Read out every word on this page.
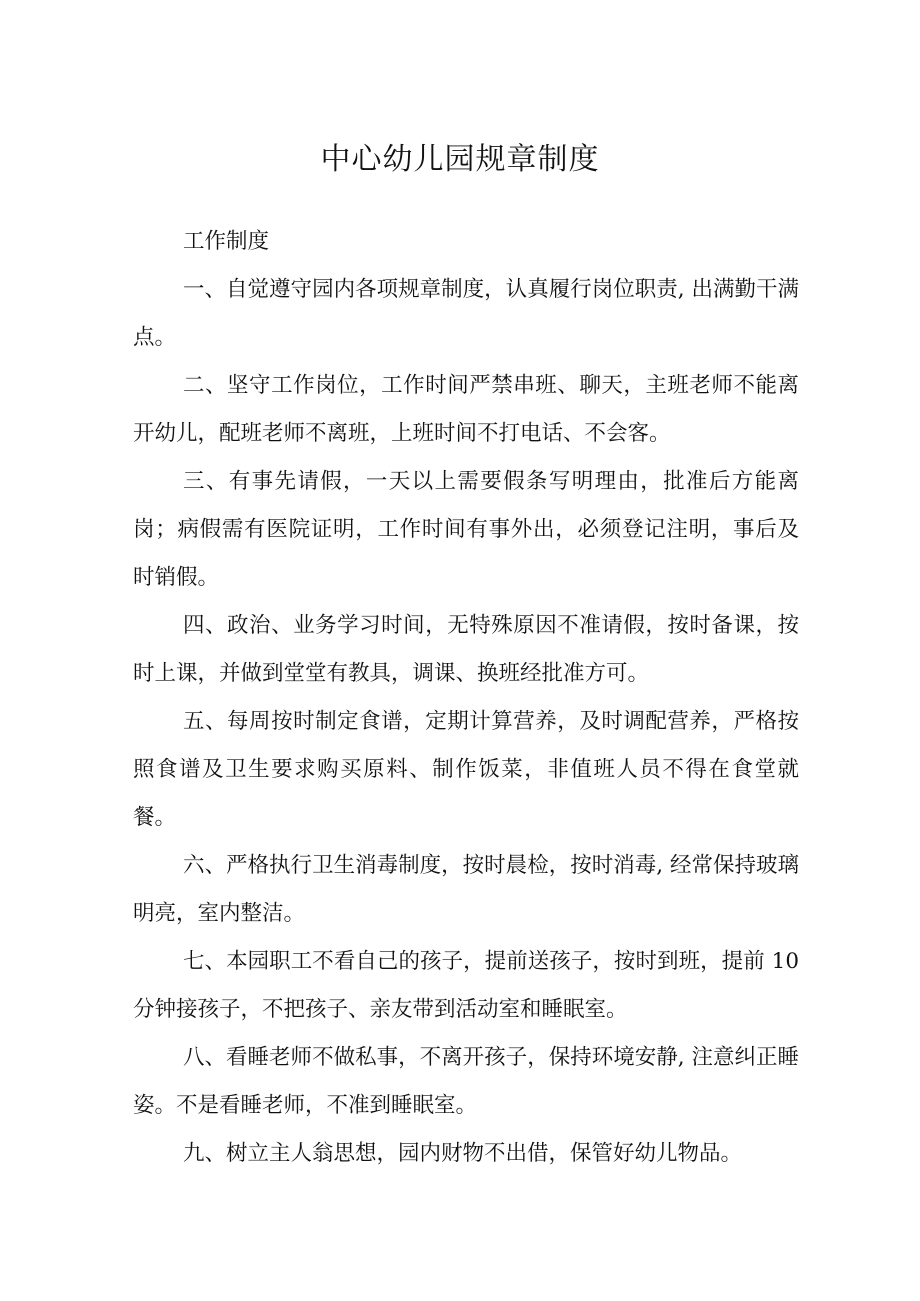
中心幼儿园规章制度

工作制度

一、自觉遵守园内各项规章制度，认真履行岗位职责, 出满勤干满点。

二、坚守工作岗位，工作时间严禁串班、聊天，主班老师不能离开幼儿，配班老师不离班，上班时间不打电话、不会客。

三、有事先请假，一天以上需要假条写明理由，批准后方能离岗；病假需有医院证明，工作时间有事外出，必须登记注明，事后及时销假。

四、政治、业务学习时间，无特殊原因不准请假，按时备课，按时上课，并做到堂堂有教具，调课、换班经批准方可。

五、每周按时制定食谱，定期计算营养，及时调配营养，严格按照食谱及卫生要求购买原料、制作饭菜，非值班人员不得在食堂就餐。

六、严格执行卫生消毒制度，按时晨检，按时消毒, 经常保持玻璃明亮，室内整洁。

七、本园职工不看自己的孩子，提前送孩子，按时到班，提前 10 分钟接孩子，不把孩子、亲友带到活动室和睡眠室。

八、看睡老师不做私事，不离开孩子，保持环境安静, 注意纠正睡姿。不是看睡老师，不准到睡眠室。

九、树立主人翁思想，园内财物不出借，保管好幼儿物品。
